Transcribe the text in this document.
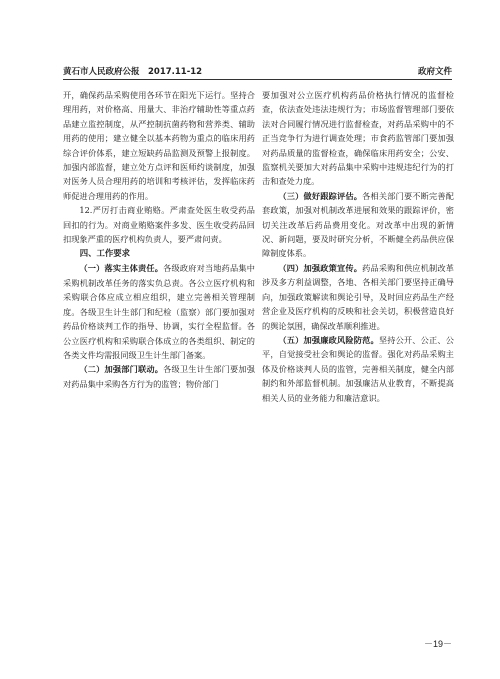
黄石市人民政府公报　2017.11-12	政府文件

开，确保药品采购使用各环节在阳光下运行。坚持合理用药，对价格高、用量大、非治疗辅助性等重点药品建立监控制度，从严控制抗菌药物和营养类、辅助用药的使用；建立健全以基本药物为重点的临床用药综合评价体系，建立短缺药品监测及预警上报制度。加强内部监督，建立处方点评和医师约谈制度，加强对医务人员合理用药的培训和考核评估，发挥临床药师促进合理用药的作用。

12.严厉打击商业贿赂。严肃查处医生收受药品回扣的行为。对商业贿赂案件多发、医生收受药品回扣现象严重的医疗机构负责人，要严肃问责。

四、工作要求

（一）落实主体责任。各级政府对当地药品集中采购机制改革任务的落实负总责。各公立医疗机构和采购联合体应成立相应组织，建立完善相关管理制度。各级卫生计生部门和纪检（监察）部门要加强对药品价格谈判工作的指导、协调，实行全程监督。各公立医疗机构和采购联合体成立的各类组织、制定的各类文件均需报同级卫生计生部门备案。

（二）加强部门联动。各级卫生计生部门要加强对药品集中采购各方行为的监管；物价部门

要加强对公立医疗机构药品价格执行情况的监督检查，依法查处违法违规行为；市场监督管理部门要依法对合同履行情况进行监督检查，对药品采购中的不正当竞争行为进行调查处理；市食药监管部门要加强对药品质量的监督检查，确保临床用药安全；公安、监察机关要加大对药品集中采购中违规违纪行为的打击和查处力度。

（三）做好跟踪评估。各相关部门要不断完善配套政策，加强对机制改革进展和效果的跟踪评价，密切关注改革后药品费用变化。对改革中出现的新情况、新问题，要及时研究分析，不断健全药品供应保障制度体系。

（四）加强政策宣传。药品采购和供应机制改革涉及多方利益调整，各地、各相关部门要坚持正确导向，加强政策解读和舆论引导，及时回应药品生产经营企业及医疗机构的反映和社会关切，积极营造良好的舆论氛围，确保改革顺利推进。

（五）加强廉政风险防范。坚持公开、公正、公平，自觉接受社会和舆论的监督。强化对药品采购主体及价格谈判人员的监管，完善相关制度，健全内部制约和外部监督机制。加强廉洁从业教育，不断提高相关人员的业务能力和廉洁意识。

－19－
